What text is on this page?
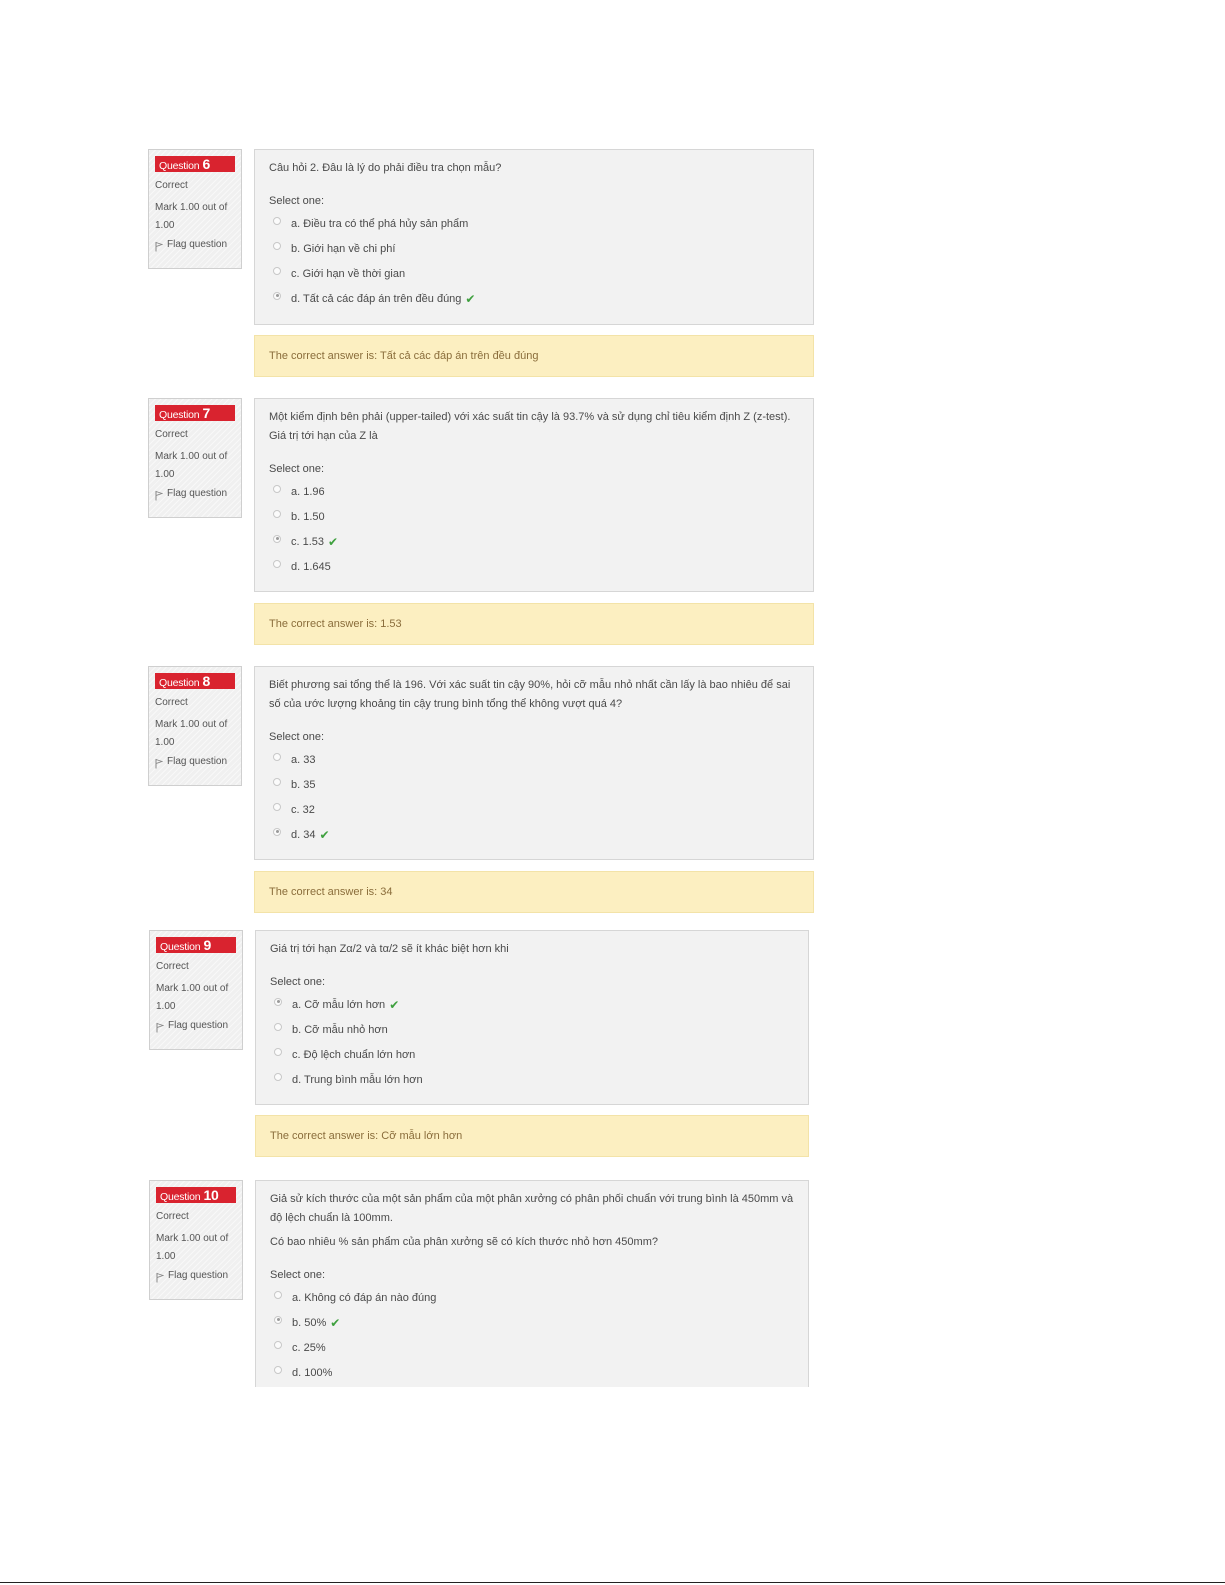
Question 6
Correct
Mark 1.00 out of 1.00
Flag question

Câu hỏi 2. Đâu là lý do phải điều tra chọn mẫu?

Select one:
a. Điều tra có thể phá hủy sản phẩm
b. Giới hạn về chi phí
c. Giới hạn về thời gian
d. Tất cả các đáp án trên đều đúng ✔
The correct answer is: Tất cả các đáp án trên đều đúng
Question 7
Correct
Mark 1.00 out of 1.00
Flag question

Một kiểm định bên phải (upper-tailed) với xác suất tin cậy là 93.7% và sử dụng chỉ tiêu kiểm định Z (z-test). Giá trị tới hạn của Z là

Select one:
a. 1.96
b. 1.50
c. 1.53 ✔
d. 1.645
The correct answer is: 1.53
Question 8
Correct
Mark 1.00 out of 1.00
Flag question

Biết phương sai tổng thể là 196. Với xác suất tin cậy 90%, hỏi cỡ mẫu nhỏ nhất cần lấy là bao nhiêu để sai số của ước lượng khoảng tin cậy trung bình tổng thể không vượt quá 4?

Select one:
a. 33
b. 35
c. 32
d. 34 ✔
The correct answer is: 34
Question 9
Correct
Mark 1.00 out of 1.00
Flag question

Giá trị tới hạn Zα/2 và tα/2 sẽ ít khác biệt hơn khi

Select one:
a. Cỡ mẫu lớn hơn ✔
b. Cỡ mẫu nhỏ hơn
c. Độ lệch chuẩn lớn hơn
d. Trung bình mẫu lớn hơn
The correct answer is: Cỡ mẫu lớn hơn
Question 10
Correct
Mark 1.00 out of 1.00
Flag question

Giả sử kích thước của một sản phẩm của một phân xưởng có phân phối chuẩn với trung bình là 450mm và độ lệch chuẩn là 100mm.

Có bao nhiêu % sản phẩm của phân xưởng sẽ có kích thước nhỏ hơn 450mm?

Select one:
a. Không có đáp án nào đúng
b. 50% ✔
c. 25%
d. 100%
